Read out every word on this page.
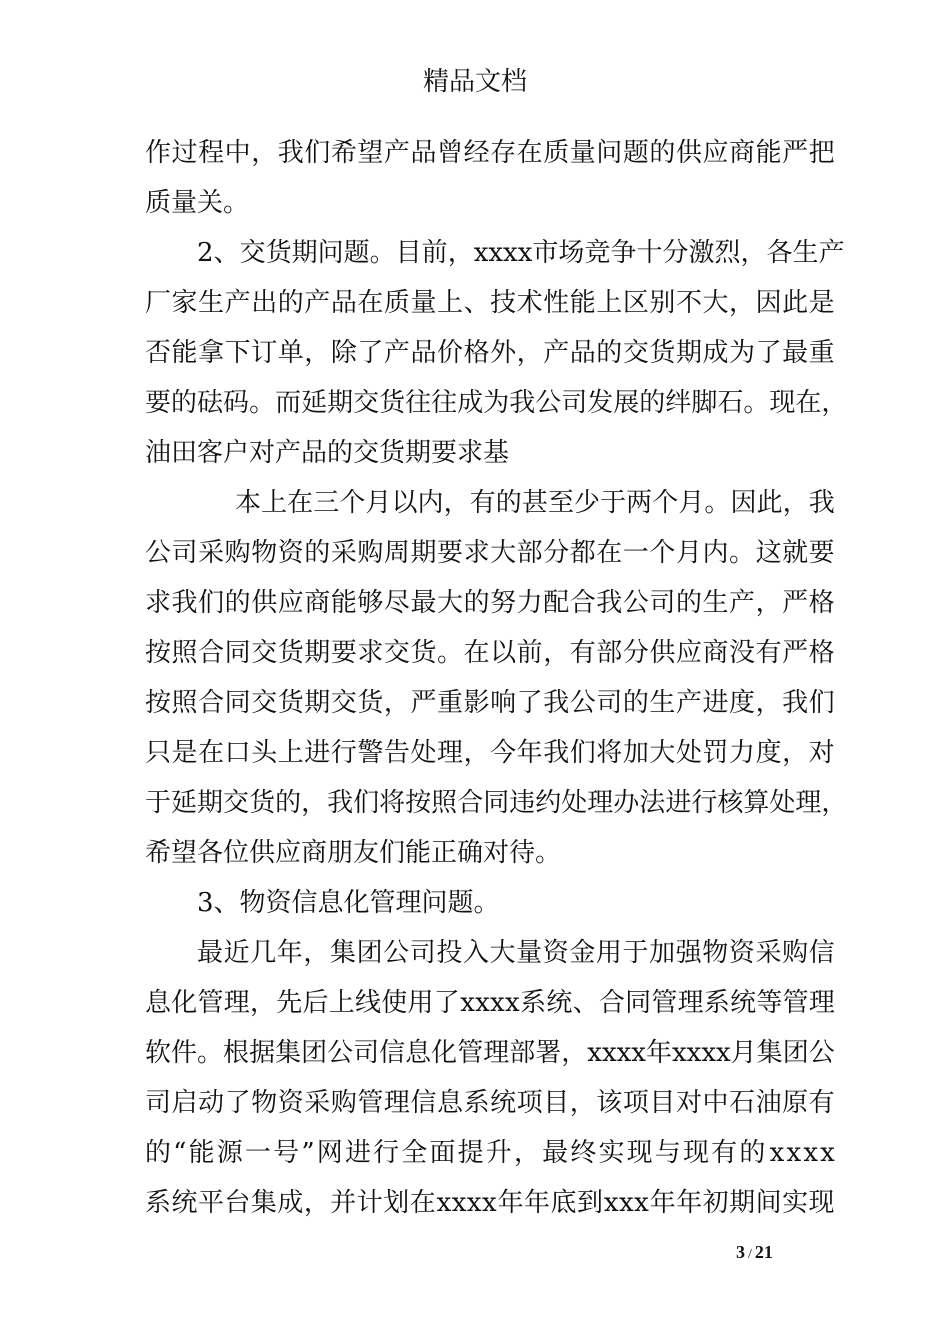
精品文档
作 过 程 中 ， 我 们 希 望 产 品 曾 经 存 在 质 量 问 题 的 供 应 商 能 严 把
质量关。
2 、 交 货 期 问 题 。 目 前 ， x x x x 市 场 竞 争 十 分 激 烈 ， 各 生 产
厂 家 生 产 出 的 产 品 在 质 量 上 、 技 术 性 能 上 区 别 不 大 ， 因 此 是
否 能 拿 下 订 单 ， 除 了 产 品 价 格 外 ， 产 品 的 交 货 期 成 为 了 最 重
要 的 砝 码 。 而 延 期 交 货 往 往 成 为 我 公 司 发 展 的 绊 脚 石 。 现 在 ，
油田客户对产品的交货期要求基
本 上 在 三 个 月 以 内 ， 有 的 甚 至 少 于 两 个 月 。 因 此 ， 我
公 司 采 购 物 资 的 采 购 周 期 要 求 大 部 分 都 在 一 个 月 内 。 这 就 要
求 我 们 的 供 应 商 能 够 尽 最 大 的 努 力 配 合 我 公 司 的 生 产 ， 严 格
按 照 合 同 交 货 期 要 求 交 货 。 在 以 前 ， 有 部 分 供 应 商 没 有 严 格
按 照 合 同 交 货 期 交 货 ， 严 重 影 响 了 我 公 司 的 生 产 进 度 ， 我 们
只 是 在 口 头 上 进 行 警 告 处 理 ， 今 年 我 们 将 加 大 处 罚 力 度 ， 对
于 延 期 交 货 的 ， 我 们 将 按 照 合 同 违 约 处 理 办 法 进 行 核 算 处 理 ，
希望各位供应商朋友们能正确对待。
3、物资信息化管理问题。
最 近 几 年 ， 集 团 公 司 投 入 大 量 资 金 用 于 加 强 物 资 采 购 信
息 化 管 理 ， 先 后 上 线 使 用 了 x x x x 系 统 、 合 同 管 理 系 统 等 管 理
软 件 。 根 据 集 团 公 司 信 息 化 管 理 部 署 ， x x x x 年 x x x x 月 集 团 公
司 启 动 了 物 资 采 购 管 理 信 息 系 统 项 目 ， 该 项 目 对 中 石 油 原 有
的 “ 能 源 一 号 ” 网 进 行 全 面 提 升 ， 最 终 实 现 与 现 有 的 x x x x
系 统 平 台 集 成 ， 并 计 划 在 x x x x 年 年 底 到 x x x 年 年 初 期 间 实 现
3 / 21
